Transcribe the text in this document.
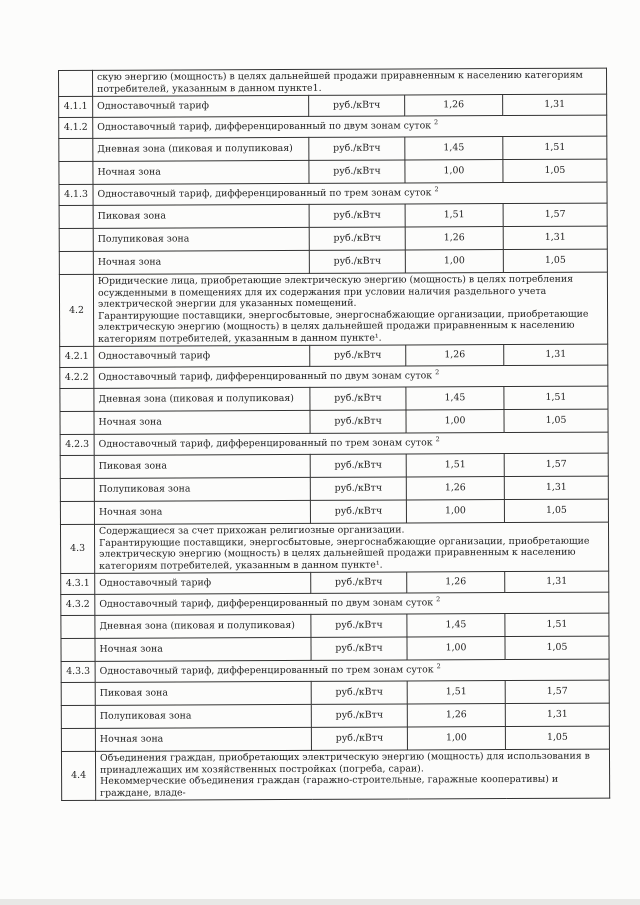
	скую энергию (мощность) в целях дальнейшей продажи приравненным к населению категориям потребителей, указанным в данном пункте1.			
4.1.1	Одноставочный тариф	руб./кВтч	1,26	1,31
4.1.2	Одноставочный тариф, дифференцированный по двум зонам суток $^2$
	Дневная зона (пиковая и полупиковая)	руб./кВтч	1,45	1,51
	Ночная зона	руб./кВтч	1,00	1,05
4.1.3	Одноставочный тариф, дифференцированный по трем зонам суток $^2$
	Пиковая зона	руб./кВтч	1,51	1,57
	Полупиковая зона	руб./кВтч	1,26	1,31
	Ночная зона	руб./кВтч	1,00	1,05
4.2	Юридические лица, приобретающие электрическую энергию (мощность) в целях потребления осужденными в помещениях для их содержания при условии наличия раздельного учета электрической энергии для указанных помещений.
Гарантирующие поставщики, энергосбытовые, энергоснабжающие организации, приобретающие электрическую энергию (мощность) в целях дальнейшей продажи приравненным к населению категориям потребителей, указанным в данном пункте¹.			
4.2.1	Одноставочный тариф	руб./кВтч	1,26	1,31
4.2.2	Одноставочный тариф, дифференцированный по двум зонам суток $^2$
	Дневная зона (пиковая и полупиковая)	руб./кВтч	1,45	1,51
	Ночная зона	руб./кВтч	1,00	1,05
4.2.3	Одноставочный тариф, дифференцированный по трем зонам суток $^2$
	Пиковая зона	руб./кВтч	1,51	1,57
	Полупиковая зона	руб./кВтч	1,26	1,31
	Ночная зона	руб./кВтч	1,00	1,05
4.3	Содержащиеся за счет прихожан религиозные организации.
Гарантирующие поставщики, энергосбытовые, энергоснабжающие организации, приобретающие электрическую энергию (мощность) в целях дальнейшей продажи приравненным к населению категориям потребителей, указанным в данном пункте¹.			
4.3.1	Одноставочный тариф	руб./кВтч	1,26	1,31
4.3.2	Одноставочный тариф, дифференцированный по двум зонам суток $^2$
	Дневная зона (пиковая и полупиковая)	руб./кВтч	1,45	1,51
	Ночная зона	руб./кВтч	1,00	1,05
4.3.3	Одноставочный тариф, дифференцированный по трем зонам суток $^2$
	Пиковая зона	руб./кВтч	1,51	1,57
	Полупиковая зона	руб./кВтч	1,26	1,31
	Ночная зона	руб./кВтч	1,00	1,05
4.4	Объединения граждан, приобретающих электрическую энергию (мощность) для использования в принадлежащих им хозяйственных постройках (погреба, сараи).
Некоммерческие объединения граждан (гаражно-строительные, гаражные кооперативы) и граждане, владе-			
